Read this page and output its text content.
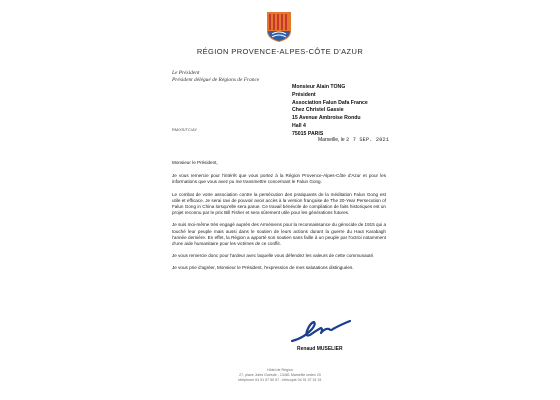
RÉGION PROVENCE-ALPES-CÔTE D'AZUR
Le Président
Président délégué de Régions de France
Monsieur Alain TONG
Président
Association Falun Dafa France
Chez Christel Gassie
15 Avenue Ambroise Rondu
Hall 4
75015 PARIS
RM/XS/TC/AY
Marseille, le 2 7 SEP. 2021

Monsieur le Président,

Je vous remercie pour l'intérêt que vous portez à la Région Provence-Alpes-Côte d'Azur et pour les informations que vous avez pu me transmettre concernant le Falun Gong.

Le combat de votre association contre la persécution des pratiquants de la méditation Falun Gong est utile et efficace. Je serai ravi de pouvoir avoir accès à la version française de The 20-Year Persecution of Falun Gong in China lorsqu'elle sera parue. Ce travail bénévole de compilation de faits historiques est un projet reconnu par le prix Bill Fisher et sera sûrement utile pour les générations futures.

Je suis moi-même très engagé auprès des Arméniens pour la reconnaissance du génocide de 1915 qui a touché leur peuple mais aussi dans le soutien de leurs actions durant la guerre du Haut Karabagh l'année dernière. En effet, la Région a apporté son soutien sans faille à un peuple par l'octroi notamment d'une aide humanitaire pour les victimes de ce conflit.

Je vous remercie donc pour l'ardeur avec laquelle vous défendez les valeurs de cette communauté.

Je vous prie d'agréer, Monsieur le Président, l'expression de mes salutations distinguées.

Renaud MUSELIER
Hôtel de Région
27, place Jules Guesde - 13481 Marseille cedex 20
téléphone 04 91 57 50 57 - télécopie 04 91 57 51 51
